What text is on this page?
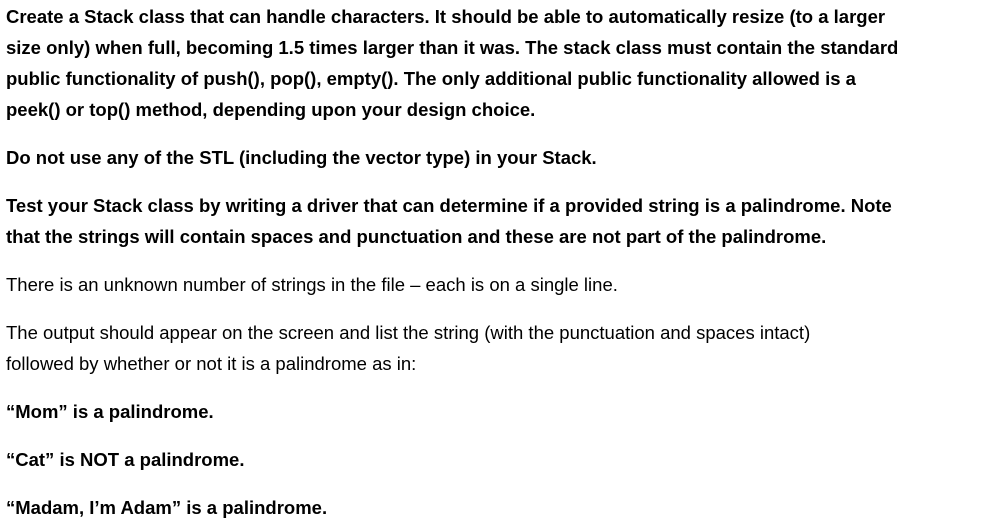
Create a Stack class that can handle characters. It should be able to automatically resize (to a larger
size only) when full, becoming 1.5 times larger than it was. The stack class must contain the standard
public functionality of push(), pop(), empty(). The only additional public functionality allowed is a
peek() or top() method, depending upon your design choice.

Do not use any of the STL (including the vector type) in your Stack.

Test your Stack class by writing a driver that can determine if a provided string is a palindrome. Note
that the strings will contain spaces and punctuation and these are not part of the palindrome.

There is an unknown number of strings in the file – each is on a single line.

The output should appear on the screen and list the string (with the punctuation and spaces intact)
followed by whether or not it is a palindrome as in:

“Mom” is a palindrome.

“Cat” is NOT a palindrome.

“Madam, I’m Adam” is a palindrome.
